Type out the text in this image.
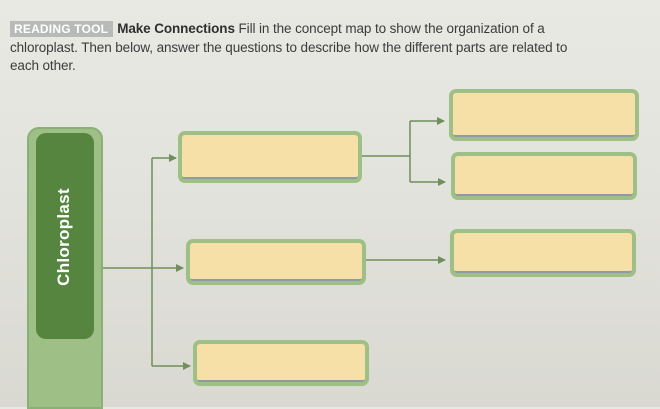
READING TOOL Make Connections Fill in the concept map to show the organization of a chloroplast. Then below, answer the questions to describe how the different parts are related to each other.
Chloroplast
